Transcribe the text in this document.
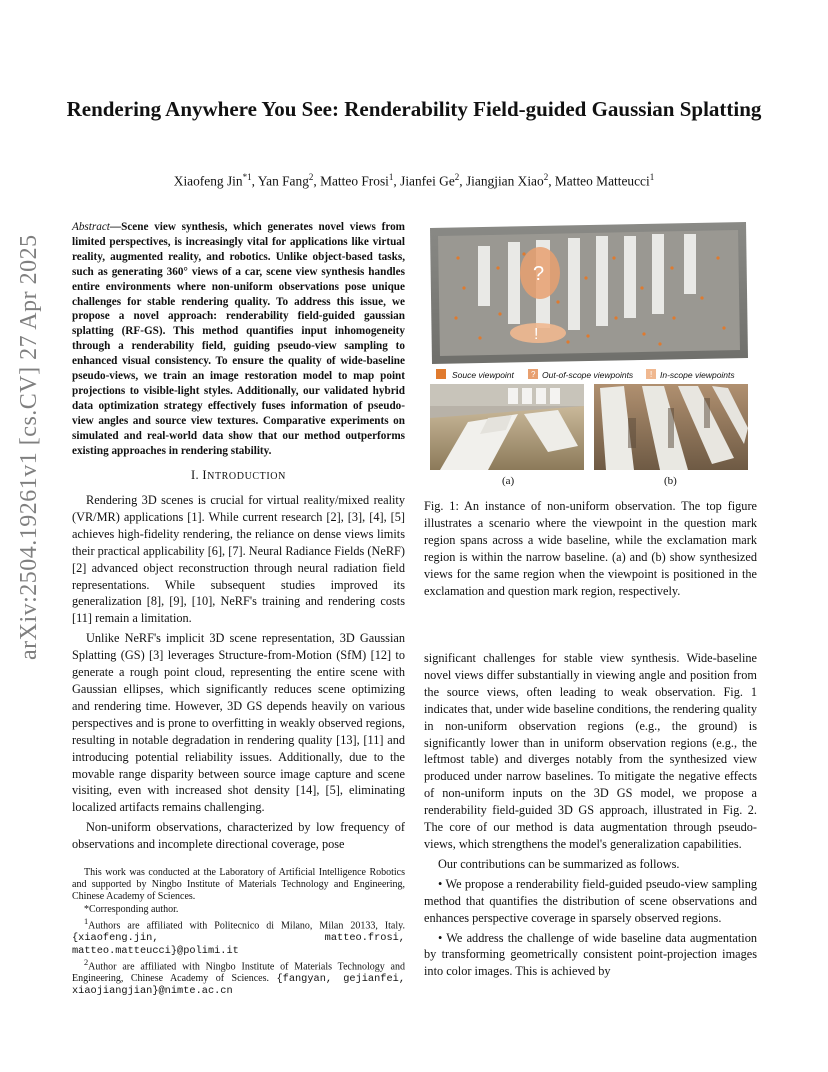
Rendering Anywhere You See: Renderability Field-guided Gaussian Splatting
Xiaofeng Jin$^{*1}$, Yan Fang$^2$, Matteo Frosi$^1$, Jianfei Ge$^2$, Jiangjian Xiao$^2$, Matteo Matteucci$^1$
arXiv:2504.19261v1 [cs.CV] 27 Apr 2025
Abstract—Scene view synthesis, which generates novel views from limited perspectives, is increasingly vital for applications like virtual reality, augmented reality, and robotics. Unlike object-based tasks, such as generating 360° views of a car, scene view synthesis handles entire environments where non-uniform observations pose unique challenges for stable rendering quality. To address this issue, we propose a novel approach: renderability field-guided gaussian splatting (RF-GS). This method quantifies input inhomogeneity through a renderability field, guiding pseudo-view sampling to enhanced visual consistency. To ensure the quality of wide-baseline pseudo-views, we train an image restoration model to map point projections to visible-light styles. Additionally, our validated hybrid data optimization strategy effectively fuses information of pseudo-view angles and source view textures. Comparative experiments on simulated and real-world data show that our method outperforms existing approaches in rendering stability.
I. INTRODUCTION

Rendering 3D scenes is crucial for virtual reality/mixed reality (VR/MR) applications [1]. While current research [2], [3], [4], [5] achieves high-fidelity rendering, the reliance on dense views limits their practical applicability [6], [7]. Neural Radiance Fields (NeRF) [2] advanced object reconstruction through neural radiation field representations. While subsequent studies improved its generalization [8], [9], [10], NeRF's training and rendering costs [11] remain a limitation.

Unlike NeRF's implicit 3D scene representation, 3D Gaussian Splatting (GS) [3] leverages Structure-from-Motion (SfM) [12] to generate a rough point cloud, representing the entire scene with Gaussian ellipses, which significantly reduces scene optimizing and rendering time. However, 3D GS depends heavily on various perspectives and is prone to overfitting in weakly observed regions, resulting in notable degradation in rendering quality [13], [11] and introducing potential reliability issues. Additionally, due to the movable range disparity between source image capture and scene visiting, even with increased shot density [14], [5], eliminating localized artifacts remains challenging.

Non-uniform observations, characterized by low frequency of observations and incomplete directional coverage, pose

This work was conducted at the Laboratory of Artificial Intelligence Robotics and supported by Ningbo Institute of Materials Technology and Engineering, Chinese Academy of Sciences.

*Corresponding author.

$^1$Authors are affiliated with Politecnico di Milano, Milan 20133, Italy. {xiaofeng.jin, matteo.frosi, matteo.matteucci}@polimi.it

$^2$Author are affiliated with Ningbo Institute of Materials Technology and Engineering, Chinese Academy of Sciences. {fangyan, gejianfei, xiaojiangjian}@nimte.ac.cn

?
!
Souce viewpoint ? Out-of-scope viewpoints ! In-scope viewpoints
(a)	(b)
Fig. 1: An instance of non-uniform observation. The top figure illustrates a scenario where the viewpoint in the question mark region spans across a wide baseline, while the exclamation mark region is within the narrow baseline. (a) and (b) show synthesized views for the same region when the viewpoint is positioned in the exclamation and question mark region, respectively.

significant challenges for stable view synthesis. Wide-baseline novel views differ substantially in viewing angle and position from the source views, often leading to weak observation. Fig. 1 indicates that, under wide baseline conditions, the rendering quality in non-uniform observation regions (e.g., the ground) is significantly lower than in uniform observation regions (e.g., the leftmost table) and diverges notably from the synthesized view produced under narrow baselines. To mitigate the negative effects of non-uniform inputs on the 3D GS model, we propose a renderability field-guided 3D GS approach, illustrated in Fig. 2. The core of our method is data augmentation through pseudo-views, which strengthens the model's generalization capabilities.

Our contributions can be summarized as follows.

• We propose a renderability field-guided pseudo-view sampling method that quantifies the distribution of scene observations and enhances perspective coverage in sparsely observed regions.

• We address the challenge of wide baseline data augmentation by transforming geometrically consistent point-projection images into color images. This is achieved by
